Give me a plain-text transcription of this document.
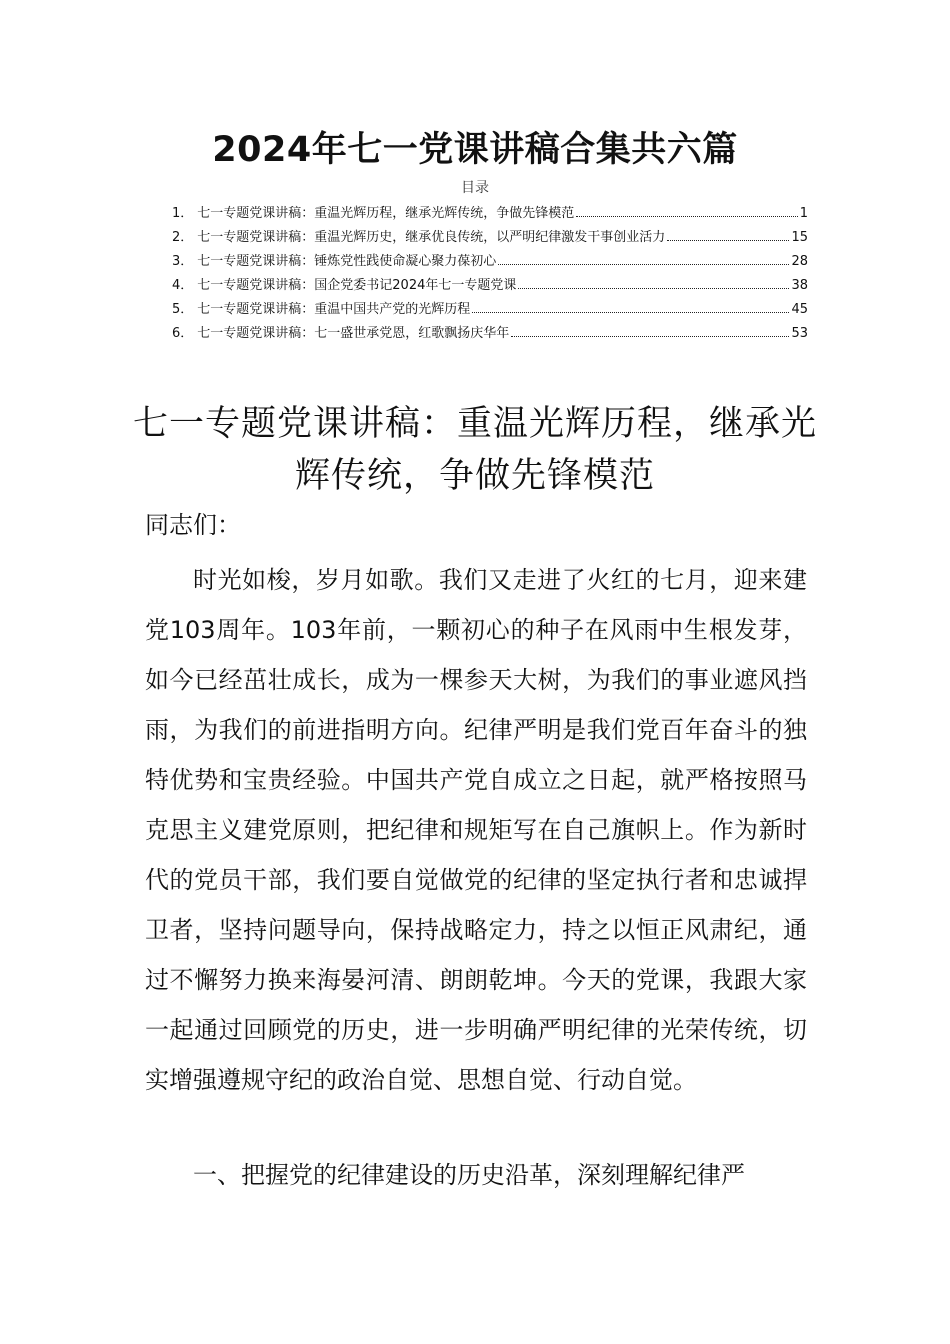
2024年七一党课讲稿合集共六篇
目录
1． 七一专题党课讲稿：重温光辉历程，继承光辉传统，争做先锋模范	1
2． 七一专题党课讲稿：重温光辉历史，继承优良传统，以严明纪律激发干事创业活力	15
3． 七一专题党课讲稿：锤炼党性践使命凝心聚力葆初心	28
4． 七一专题党课讲稿：国企党委书记2024年七一专题党课	38
5． 七一专题党课讲稿：重温中国共产党的光辉历程	45
6． 七一专题党课讲稿：七一盛世承党恩，红歌飘扬庆华年	53
七一专题党课讲稿：重温光辉历程，继承光辉传统，争做先锋模范
同志们：

时光如梭，岁月如歌。我们又走进了火红的七月，迎来建党103周年。103年前，一颗初心的种子在风雨中生根发芽，如今已经茁壮成长，成为一棵参天大树，为我们的事业遮风挡雨，为我们的前进指明方向。纪律严明是我们党百年奋斗的独特优势和宝贵经验。中国共产党自成立之日起，就严格按照马克思主义建党原则，把纪律和规矩写在自己旗帜上。作为新时代的党员干部，我们要自觉做党的纪律的坚定执行者和忠诚捍卫者，坚持问题导向，保持战略定力，持之以恒正风肃纪，通过不懈努力换来海晏河清、朗朗乾坤。今天的党课，我跟大家一起通过回顾党的历史，进一步明确严明纪律的光荣传统，切实增强遵规守纪的政治自觉、思想自觉、行动自觉。

一、把握党的纪律建设的历史沿革，深刻理解纪律严
